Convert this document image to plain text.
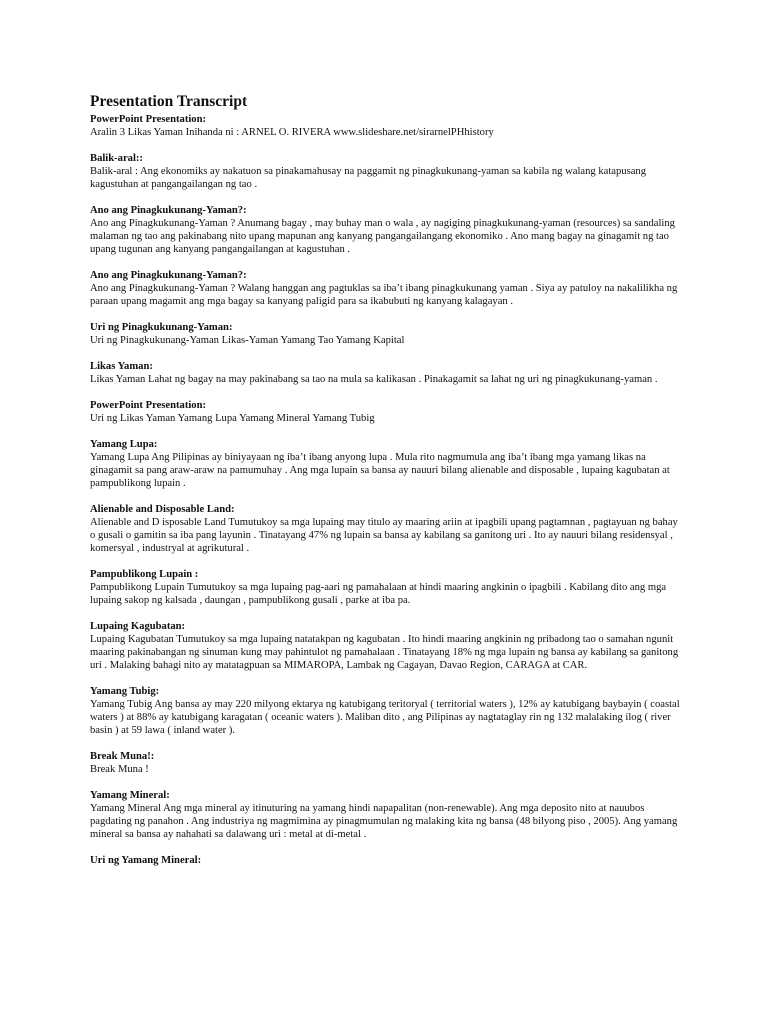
Presentation Transcript
PowerPoint Presentation:
Aralin 3 Likas Yaman Inihanda ni : ARNEL O. RIVERA www.slideshare.net/sirarnelPHhistory
Balik-aral::
Balik-aral : Ang ekonomiks ay nakatuon sa pinakamahusay na paggamit ng pinagkukunang-yaman sa kabila ng walang katapusang kagustuhan at pangangailangan ng tao .
Ano ang Pinagkukunang-Yaman?:
Ano ang Pinagkukunang-Yaman ? Anumang bagay , may buhay man o wala , ay nagiging pinagkukunang-yaman (resources) sa sandaling malaman ng tao ang pakinabang nito upang mapunan ang kanyang pangangailangang ekonomiko . Ano mang bagay na ginagamit ng tao upang tugunan ang kanyang pangangailangan at kagustuhan .
Ano ang Pinagkukunang-Yaman?:
Ano ang Pinagkukunang-Yaman ? Walang hanggan ang pagtuklas sa iba’t ibang pinagkukunang yaman . Siya ay patuloy na nakalilikha ng paraan upang magamit ang mga bagay sa kanyang paligid para sa ikabubuti ng kanyang kalagayan .
Uri ng Pinagkukunang-Yaman:
Uri ng Pinagkukunang-Yaman Likas-Yaman Yamang Tao Yamang Kapital
Likas Yaman:
Likas Yaman Lahat ng bagay na may pakinabang sa tao na mula sa kalikasan . Pinakagamit sa lahat ng uri ng pinagkukunang-yaman .
PowerPoint Presentation:
Uri ng Likas Yaman Yamang Lupa Yamang Mineral Yamang Tubig
Yamang Lupa:
Yamang Lupa Ang Pilipinas ay biniyayaan ng iba’t ibang anyong lupa . Mula rito nagmumula ang iba’t ibang mga yamang likas na ginagamit sa pang araw-araw na pamumuhay . Ang mga lupain sa bansa ay nauuri bilang alienable and disposable , lupaing kagubatan at pampublikong lupain .
Alienable and Disposable Land:
Alienable and D isposable Land Tumutukoy sa mga lupaing may titulo ay maaring ariin at ipagbili upang pagtamnan , pagtayuan ng bahay o gusali o gamitin sa iba pang layunin . Tinatayang 47% ng lupain sa bansa ay kabilang sa ganitong uri . Ito ay nauuri bilang residensyal , komersyal , industryal at agrikutural .
Pampublikong Lupain :
Pampublikong Lupain Tumutukoy sa mga lupaing pag-aari ng pamahalaan at hindi maaring angkinin o ipagbili . Kabilang dito ang mga lupaing sakop ng kalsada , daungan , pampublikong gusali , parke at iba pa.
Lupaing Kagubatan:
Lupaing Kagubatan Tumutukoy sa mga lupaing natatakpan ng kagubatan . Ito hindi maaring angkinin ng pribadong tao o samahan ngunit maaring pakinabangan ng sinuman kung may pahintulot ng pamahalaan . Tinatayang 18% ng mga lupain ng bansa ay kabilang sa ganitong uri . Malaking bahagi nito ay matatagpuan sa MIMAROPA, Lambak ng Cagayan, Davao Region, CARAGA at CAR.
Yamang Tubig:
Yamang Tubig Ang bansa ay may 220 milyong ektarya ng katubigang teritoryal ( territorial waters ), 12% ay katubigang baybayin ( coastal waters ) at 88% ay katubigang karagatan ( oceanic waters ). Maliban dito , ang Pilipinas ay nagtataglay rin ng 132 malalaking ilog ( river basin ) at 59 lawa ( inland water ).
Break Muna!:
Break Muna !
Yamang Mineral:
Yamang Mineral Ang mga mineral ay itinuturing na yamang hindi napapalitan (non-renewable). Ang mga deposito nito at nauubos pagdating ng panahon . Ang industriya ng magmimina ay pinagmumulan ng malaking kita ng bansa (48 bilyong piso , 2005). Ang yamang mineral sa bansa ay nahahati sa dalawang uri : metal at di-metal .
Uri ng Yamang Mineral:
